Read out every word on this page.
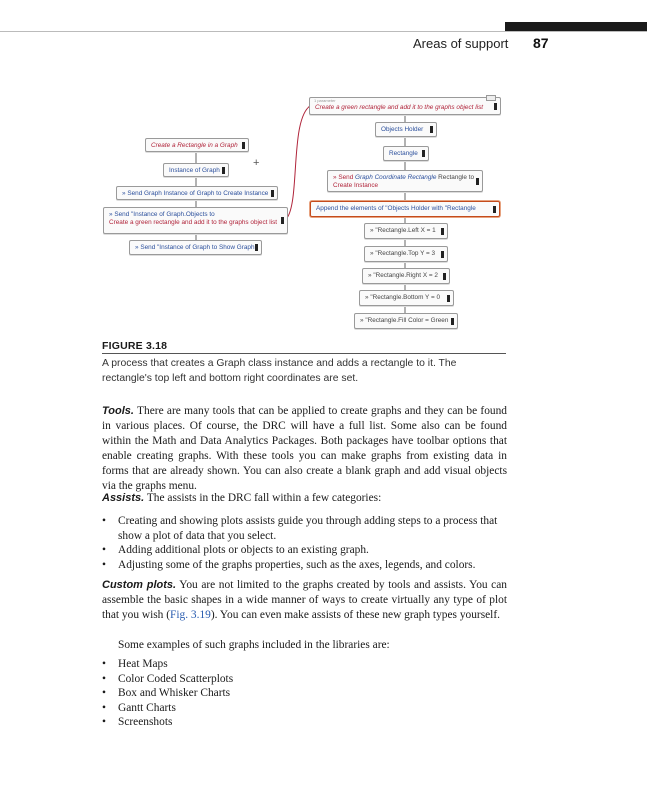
Areas of support 87
1 parameter
Create a green rectangle and add it to the graphs object list
Objects Holder
Rectangle
» Send Graph Coordinate Rectangle Rectangle to
Create Instance
Append the elements of "Objects Holder with "Rectangle
» "Rectangle.Left X = 1
» "Rectangle.Top Y = 3
» "Rectangle.Right X = 2
» "Rectangle.Bottom Y = 0
» "Rectangle.Fill Color = Green
Create a Rectangle in a Graph
Instance of Graph
+
» Send Graph Instance of Graph to Create Instance
» Send "Instance of Graph.Objects to
Create a green rectangle and add it to the graphs object list
» Send "Instance of Graph to Show Graph
FIGURE 3.18
A process that creates a Graph class instance and adds a rectangle to it. The rectangle's top left and bottom right coordinates are set.
Tools. There are many tools that can be applied to create graphs and they can be found in various places. Of course, the DRC will have a full list. Some also can be found within the Math and Data Analytics Packages. Both packages have toolbar options that enable creating graphs. With these tools you can make graphs from existing data in forms that are already shown. You can also create a blank graph and add visual objects via the graphs menu.
Assists. The assists in the DRC fall within a few categories:
• Creating and showing plots assists guide you through adding steps to a process that show a plot of data that you select.
• Adding additional plots or objects to an existing graph.
• Adjusting some of the graphs properties, such as the axes, legends, and colors.
Custom plots. You are not limited to the graphs created by tools and assists. You can assemble the basic shapes in a wide manner of ways to create virtually any type of plot that you wish (Fig. 3.19). You can even make assists of these new graph types yourself.
Some examples of such graphs included in the libraries are:
• Heat Maps
• Color Coded Scatterplots
• Box and Whisker Charts
• Gantt Charts
• Screenshots
